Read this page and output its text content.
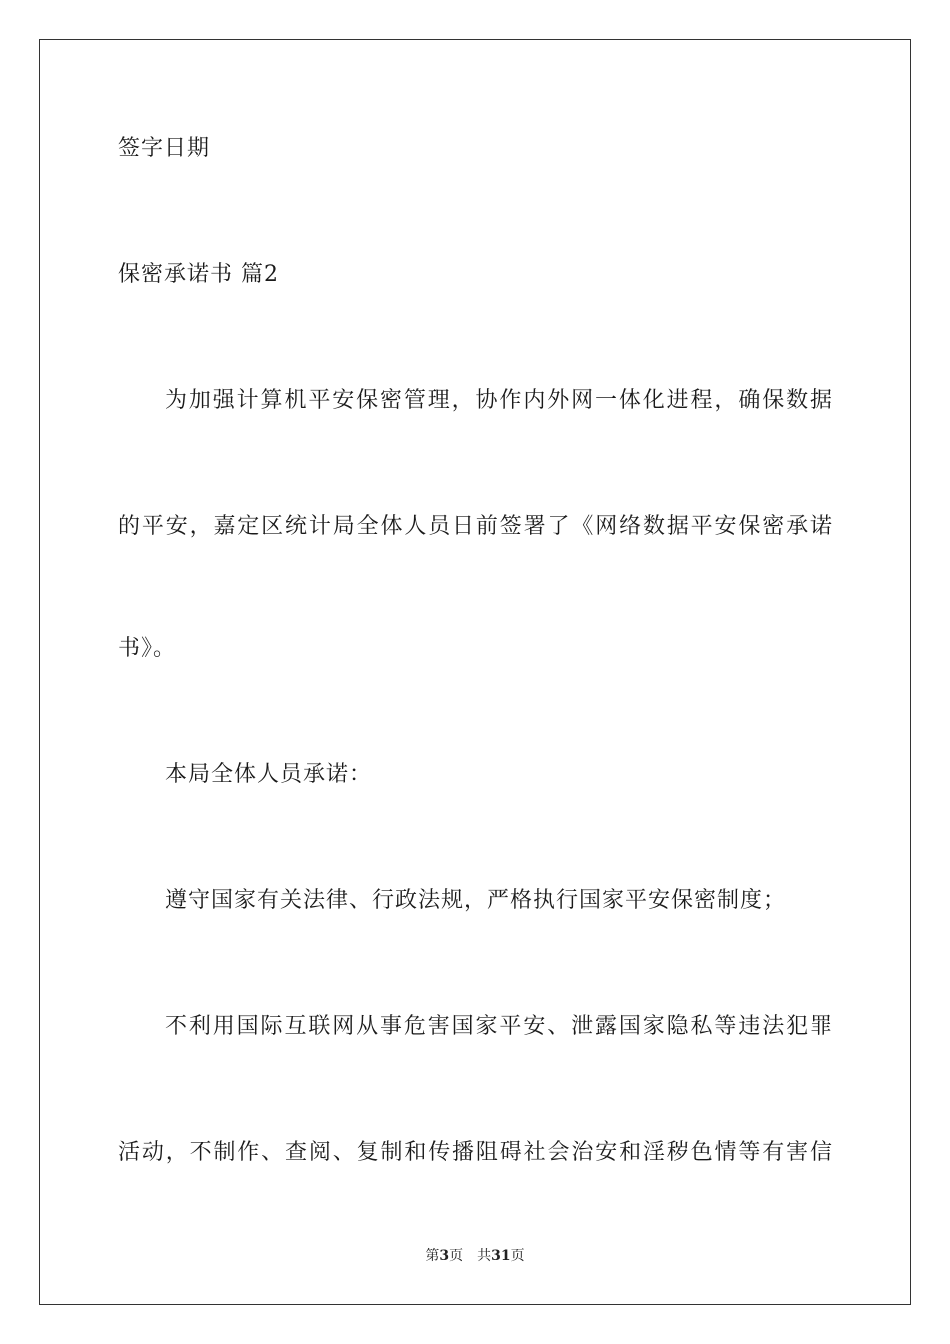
签字日期
保密承诺书 篇2
为加强计算机平安保密管理，协作内外网一体化进程，确保数据
的平安，嘉定区统计局全体人员日前签署了《网络数据平安保密承诺
书》。
本局全体人员承诺：
遵守国家有关法律、行政法规，严格执行国家平安保密制度；
不利用国际互联网从事危害国家平安、泄露国家隐私等违法犯罪
活动，不制作、查阅、复制和传播阻碍社会治安和淫秽色情等有害信
第3页 共31页
